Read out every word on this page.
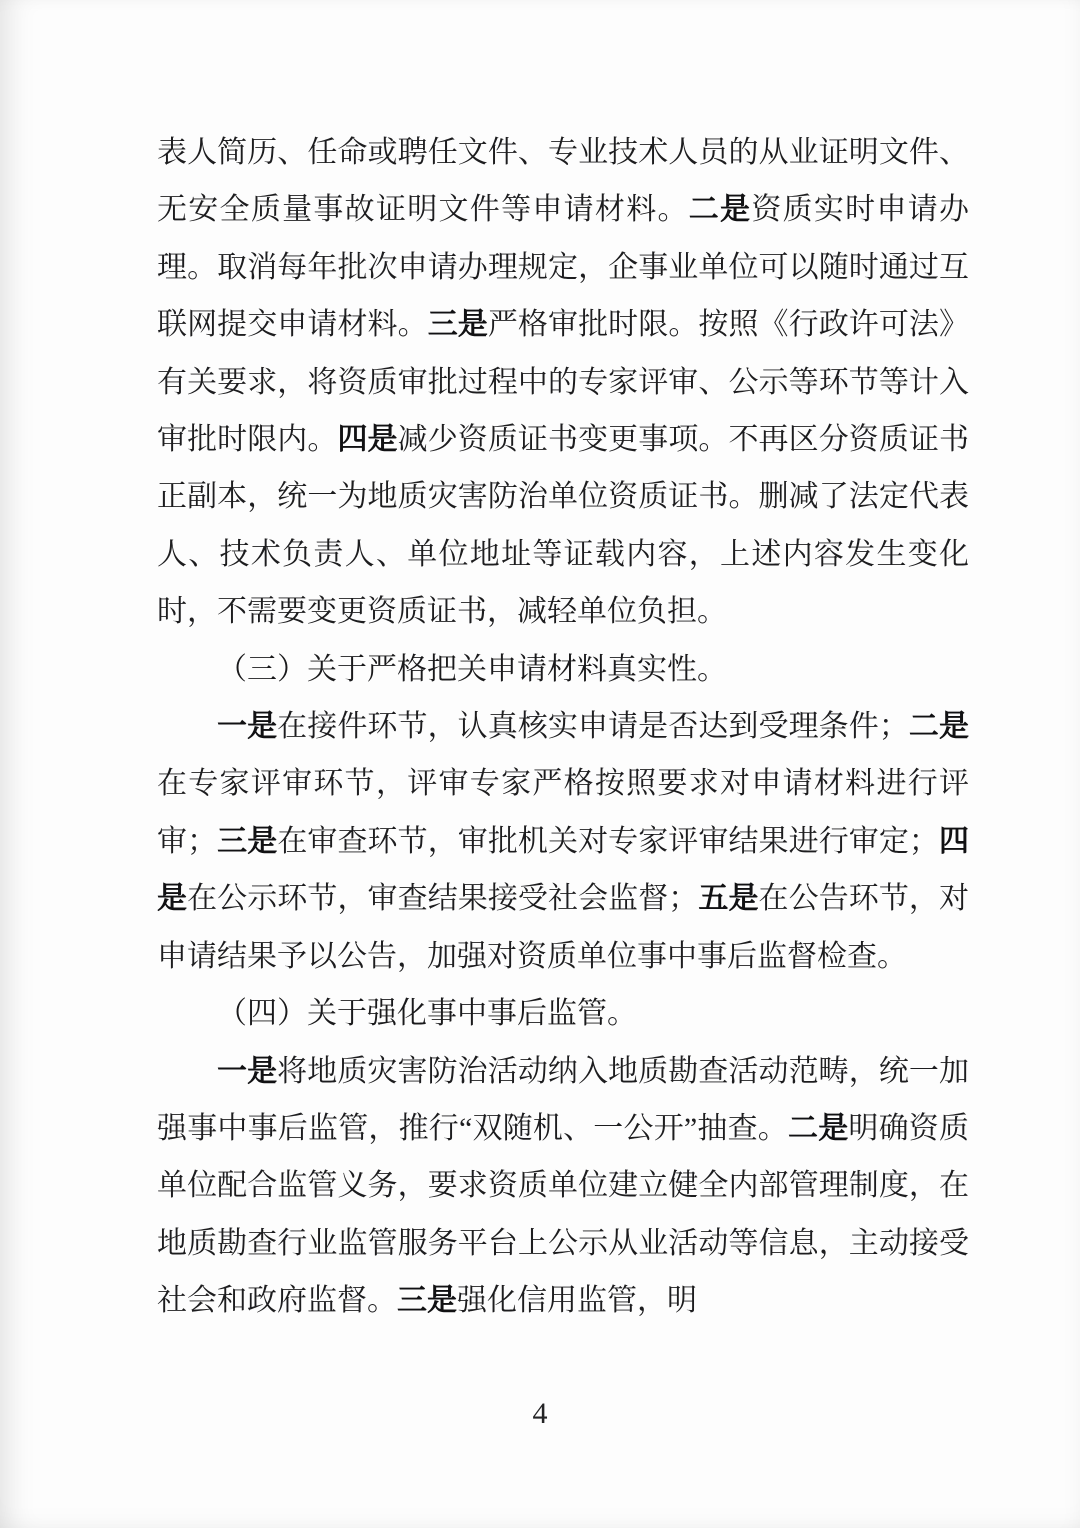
表人简历、任命或聘任文件、专业技术人员的从业证明文件、无安全质量事故证明文件等申请材料。二是资质实时申请办理。取消每年批次申请办理规定，企事业单位可以随时通过互联网提交申请材料。三是严格审批时限。按照《行政许可法》有关要求，将资质审批过程中的专家评审、公示等环节等计入审批时限内。四是减少资质证书变更事项。不再区分资质证书正副本，统一为地质灾害防治单位资质证书。删减了法定代表人、技术负责人、单位地址等证载内容，上述内容发生变化时，不需要变更资质证书，减轻单位负担。

（三）关于严格把关申请材料真实性。

一是在接件环节，认真核实申请是否达到受理条件；二是在专家评审环节，评审专家严格按照要求对申请材料进行评审；三是在审查环节，审批机关对专家评审结果进行审定；四是在公示环节，审查结果接受社会监督；五是在公告环节，对申请结果予以公告，加强对资质单位事中事后监督检查。

（四）关于强化事中事后监管。

一是将地质灾害防治活动纳入地质勘查活动范畴，统一加强事中事后监管，推行“双随机、一公开”抽查。二是明确资质单位配合监管义务，要求资质单位建立健全内部管理制度，在地质勘查行业监管服务平台上公示从业活动等信息，主动接受社会和政府监督。三是强化信用监管，明

4
